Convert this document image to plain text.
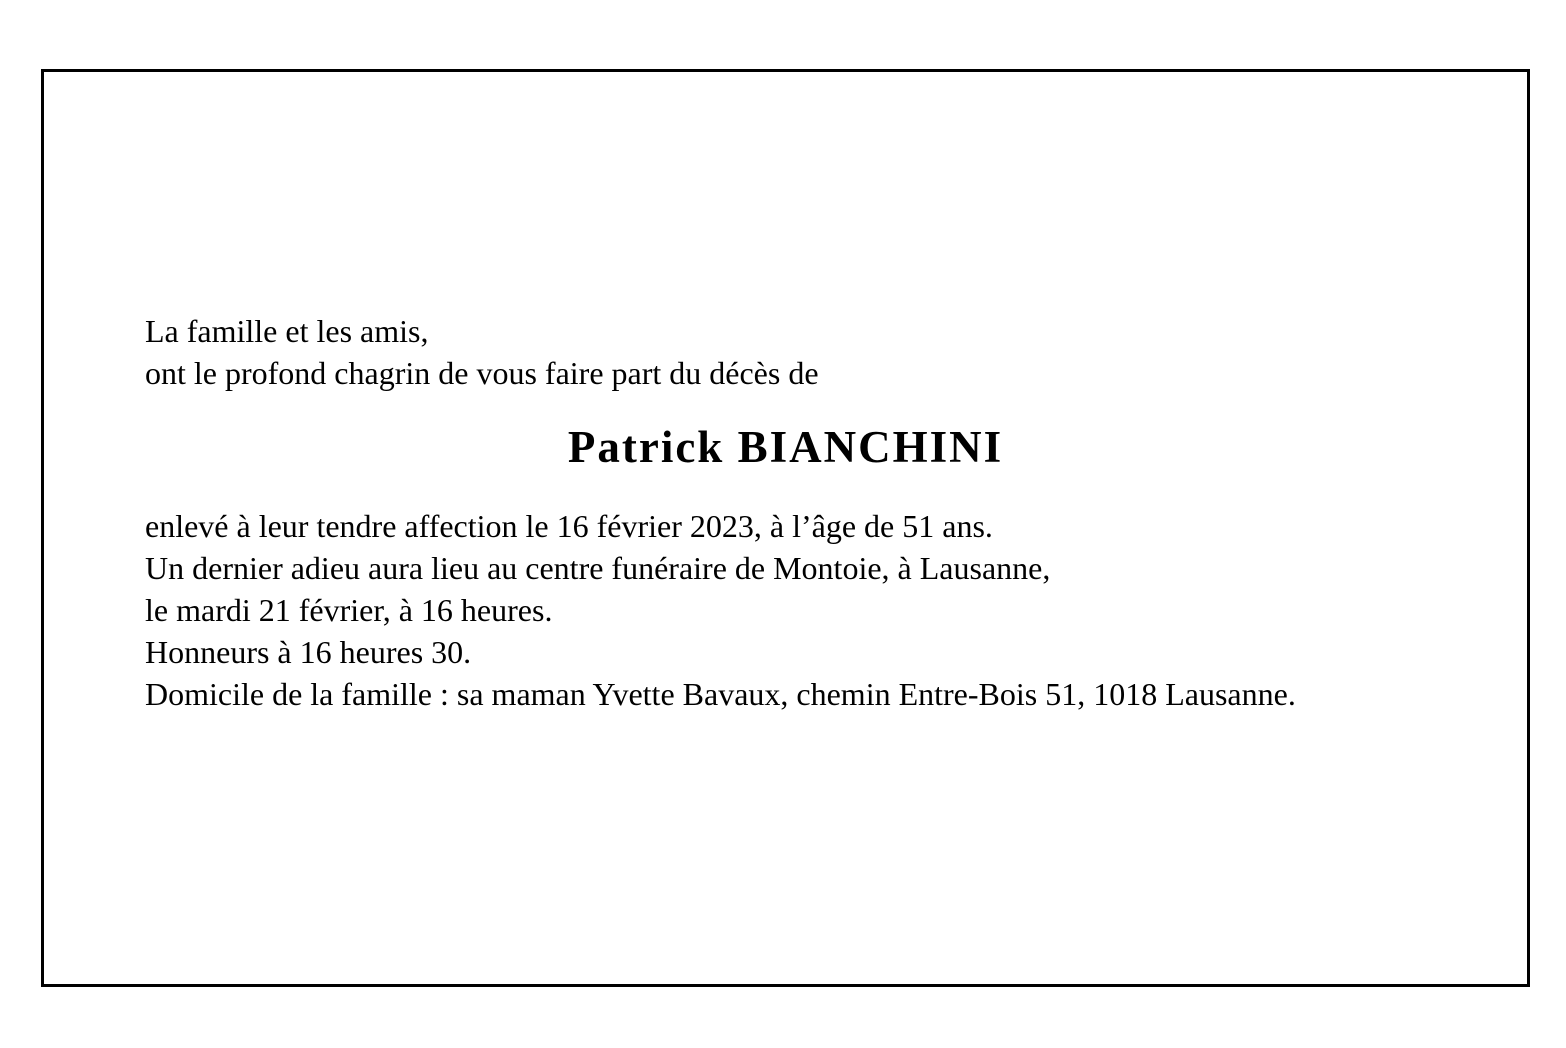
La famille et les amis,

ont le profond chagrin de vous faire part du décès de

Patrick BIANCHINI

enlevé à leur tendre affection le 16 février 2023, à l’âge de 51 ans.

Un dernier adieu aura lieu au centre funéraire de Montoie, à Lausanne,

le mardi 21 février, à 16 heures.

Honneurs à 16 heures 30.

Domicile de la famille : sa maman Yvette Bavaux, chemin Entre-Bois 51, 1018 Lausanne.
